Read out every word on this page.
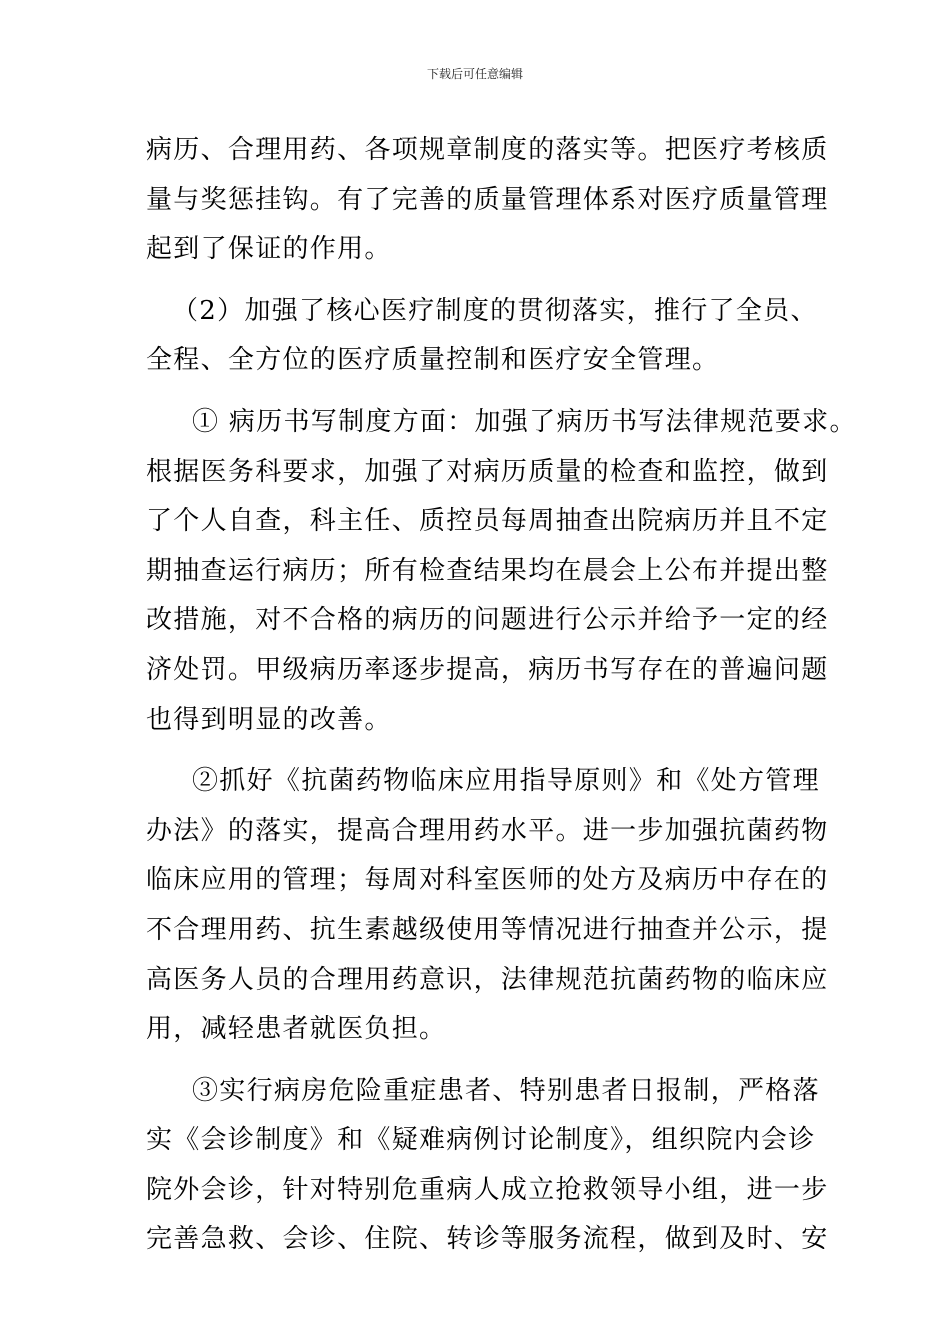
下载后可任意编辑
病历、合理用药、各项规章制度的落实等。把医疗考核质
量与奖惩挂钩。有了完善的质量管理体系对医疗质量管理
起到了保证的作用。
（2）加强了核心医疗制度的贯彻落实，推行了全员、
全程、全方位的医疗质量控制和医疗安全管理。
① 病历书写制度方面：加强了病历书写法律规范要求。
根据医务科要求，加强了对病历质量的检查和监控，做到
了个人自查，科主任、质控员每周抽查出院病历并且不定
期抽查运行病历；所有检查结果均在晨会上公布并提出整
改措施，对不合格的病历的问题进行公示并给予一定的经
济处罚。甲级病历率逐步提高，病历书写存在的普遍问题
也得到明显的改善。
②抓好《抗菌药物临床应用指导原则》和《处方管理
办法》的落实，提高合理用药水平。进一步加强抗菌药物
临床应用的管理；每周对科室医师的处方及病历中存在的
不合理用药、抗生素越级使用等情况进行抽查并公示，提
高医务人员的合理用药意识，法律规范抗菌药物的临床应
用，减轻患者就医负担。
③实行病房危险重症患者、特别患者日报制，严格落
实《会诊制度》和《疑难病例讨论制度》，组织院内会诊
院外会诊，针对特别危重病人成立抢救领导小组，进一步
完善急救、会诊、住院、转诊等服务流程，做到及时、安
